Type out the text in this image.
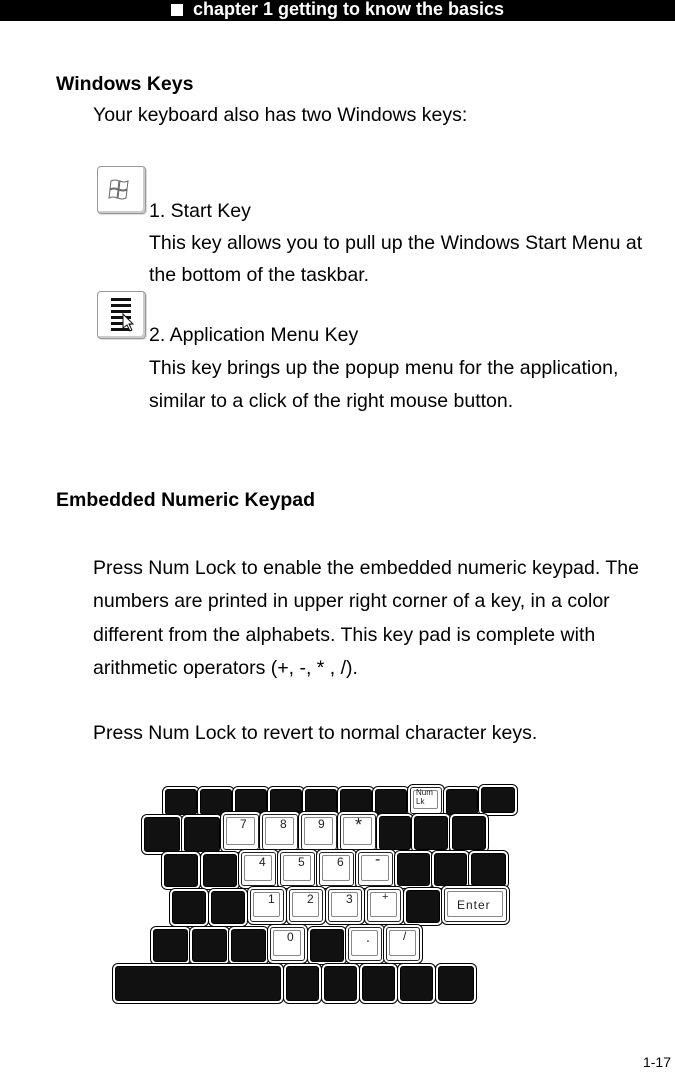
chapter 1 getting to know the basics
Windows Keys
Your keyboard also has two Windows keys:
1. Start Key
This key allows you to pull up the Windows Start Menu at
the bottom of the taskbar.
2. Application Menu Key
This key brings up the popup menu for the application,
similar to a click of the right mouse button.
Embedded Numeric Keypad
Press Num Lock to enable the embedded numeric keypad. The
numbers are printed in upper right corner of a key, in a color
different from the alphabets. This key pad is complete with
arithmetic operators (+, -, * , /).
Press Num Lock to revert to normal character keys.
Num
Lk
7	8	9 *
4	5	6 -
1	2	3	+
Enter
0	.	/
1-17
